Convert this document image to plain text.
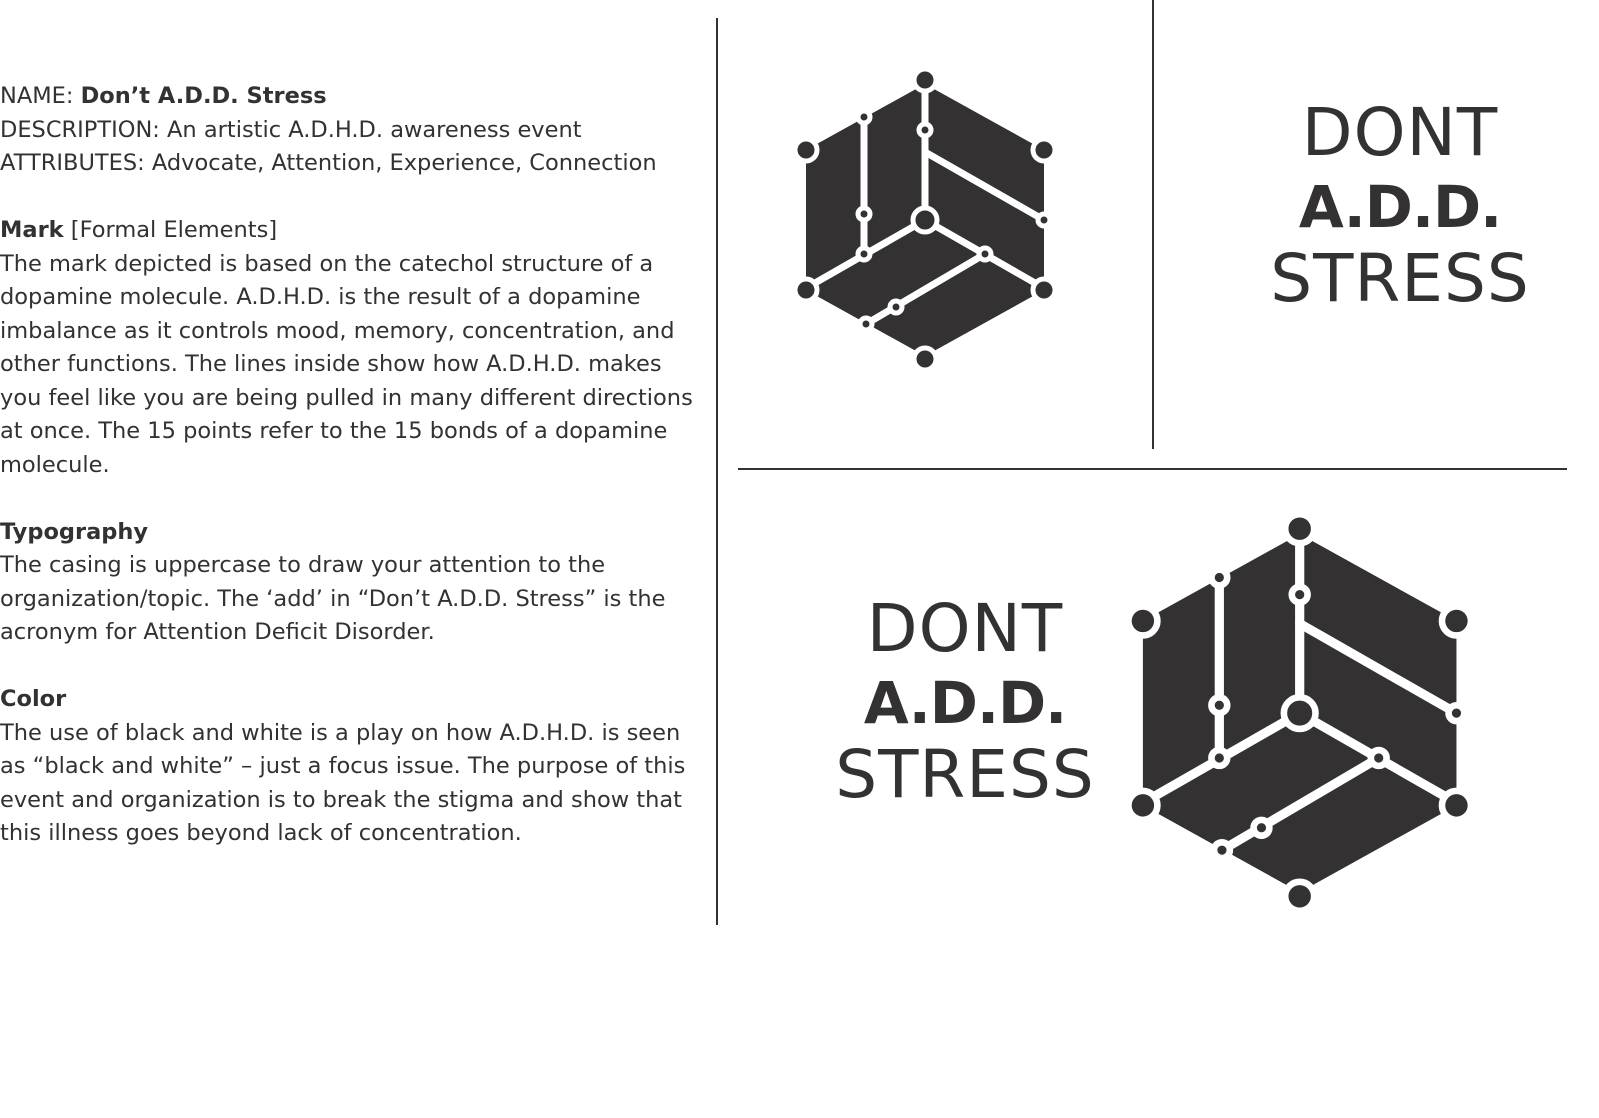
NAME: Don’t A.D.D. Stress

DESCRIPTION: An artistic A.D.H.D. awareness event

ATTRIBUTES: Advocate, Attention, Experience, Connection

Mark [Formal Elements]

The mark depicted is based on the catechol structure of a dopamine molecule. A.D.H.D. is the result of a dopamine imbalance as it controls mood, memory, concentration, and other functions. The lines inside show how A.D.H.D. makes you feel like you are being pulled in many different directions at once. The 15 points refer to the 15 bonds of a dopamine molecule.

Typography

The casing is uppercase to draw your attention to the organization/topic. The ‘add’ in “Don’t A.D.D. Stress” is the acronym for Attention Deficit Disorder.

Color

The use of black and white is a play on how A.D.H.D. is seen as “black and white” – just a focus issue. The purpose of this event and organization is to break the stigma and show that this illness goes beyond lack of concentration.

DONT
A.D.D.
STRESS
DONT
A.D.D.
STRESS
